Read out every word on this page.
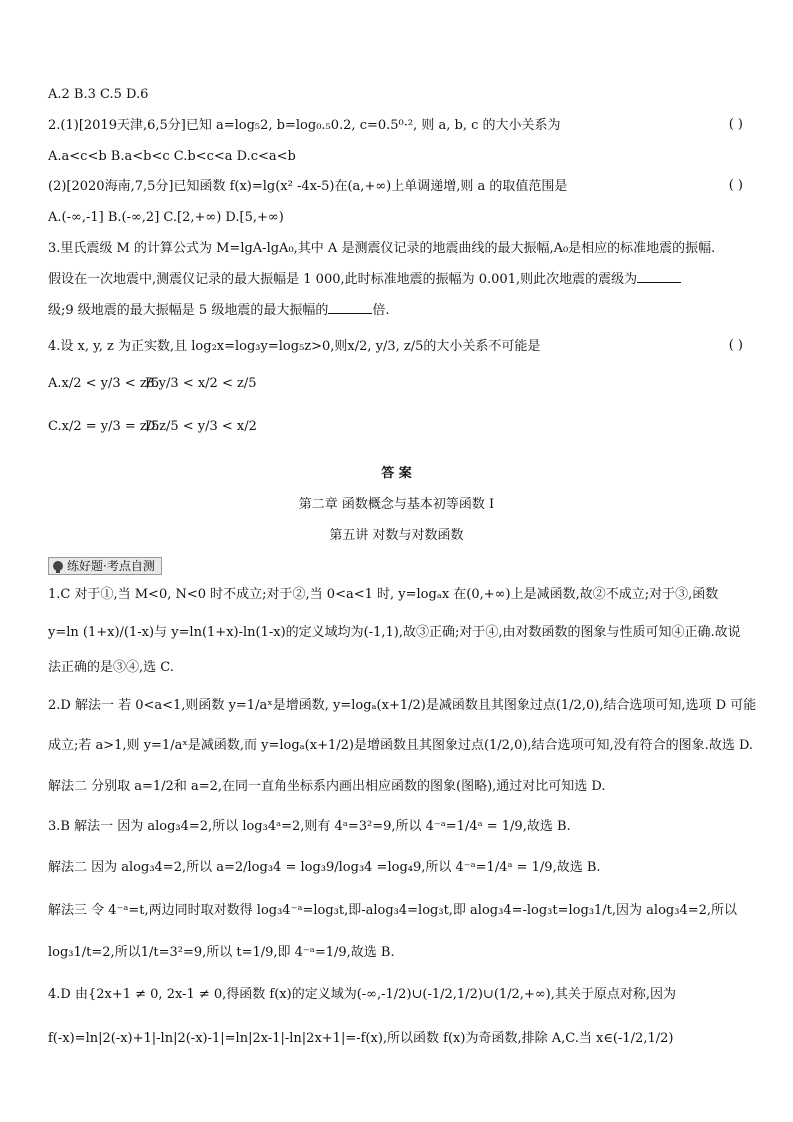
A.2 B.3 C.5 D.6
2.(1)[2019天津,6,5分]已知 a=log₅2, b=log₀.₅0.2, c=0.5⁰·², 则 a, b, c 的大小关系为	( )
A.a<c<b B.a<b<c C.b<c<a D.c<a<b
(2)[2020海南,7,5分]已知函数 f(x)=lg(x² -4x-5)在(a,+∞)上单调递增,则 a 的取值范围是	( )
A.(-∞,-1] B.(-∞,2] C.[2,+∞) D.[5,+∞)
3.里氏震级 M 的计算公式为 M=lgA-lgA₀,其中 A 是测震仪记录的地震曲线的最大振幅,A₀是相应的标准地震的振幅.
假设在一次地震中,测震仪记录的最大振幅是 1 000,此时标准地震的振幅为 0.001,则此次地震的震级为
级;9 级地震的最大振幅是 5 级地震的最大振幅的	倍.
4.设 x, y, z 为正实数,且 log₂x=log₃y=log₅z>0,则x/2, y/3, z/5的大小关系不可能是	( )
A.x/2 < y/3 < z/5
B.y/3 < x/2 < z/5
C.x/2 = y/3 = z/5
D.z/5 < y/3 < x/2
答 案
第二章 函数概念与基本初等函数 Ⅰ
第五讲 对数与对数函数
练好题·考点自测
1.C 对于①,当 M<0, N<0 时不成立;对于②,当 0<a<1 时, y=logₐx 在(0,+∞)上是减函数,故②不成立;对于③,函数
y=ln (1+x)/(1-x)与 y=ln(1+x)-ln(1-x)的定义域均为(-1,1),故③正确;对于④,由对数函数的图象与性质可知④正确.故说
法正确的是③④,选 C.
2.D 解法一 若 0<a<1,则函数 y=1/aˣ是增函数, y=logₐ(x+1/2)是减函数且其图象过点(1/2,0),结合选项可知,选项 D 可能
成立;若 a>1,则 y=1/aˣ是减函数,而 y=logₐ(x+1/2)是增函数且其图象过点(1/2,0),结合选项可知,没有符合的图象.故选 D.
解法二 分别取 a=1/2和 a=2,在同一直角坐标系内画出相应函数的图象(图略),通过对比可知选 D.
3.B 解法一 因为 alog₃4=2,所以 log₃4ᵃ=2,则有 4ᵃ=3²=9,所以 4⁻ᵃ=1/4ᵃ = 1/9,故选 B.
解法二 因为 alog₃4=2,所以 a=2/log₃4 = log₃9/log₃4 =log₄9,所以 4⁻ᵃ=1/4ᵃ = 1/9,故选 B.
解法三 令 4⁻ᵃ=t,两边同时取对数得 log₃4⁻ᵃ=log₃t,即-alog₃4=log₃t,即 alog₃4=-log₃t=log₃1/t,因为 alog₃4=2,所以
log₃1/t=2,所以1/t=3²=9,所以 t=1/9,即 4⁻ᵃ=1/9,故选 B.
4.D 由{2x+1 ≠ 0, 2x-1 ≠ 0,得函数 f(x)的定义域为(-∞,-1/2)∪(-1/2,1/2)∪(1/2,+∞),其关于原点对称,因为
f(-x)=ln|2(-x)+1|-ln|2(-x)-1|=ln|2x-1|-ln|2x+1|=-f(x),所以函数 f(x)为奇函数,排除 A,C.当 x∈(-1/2,1/2)
